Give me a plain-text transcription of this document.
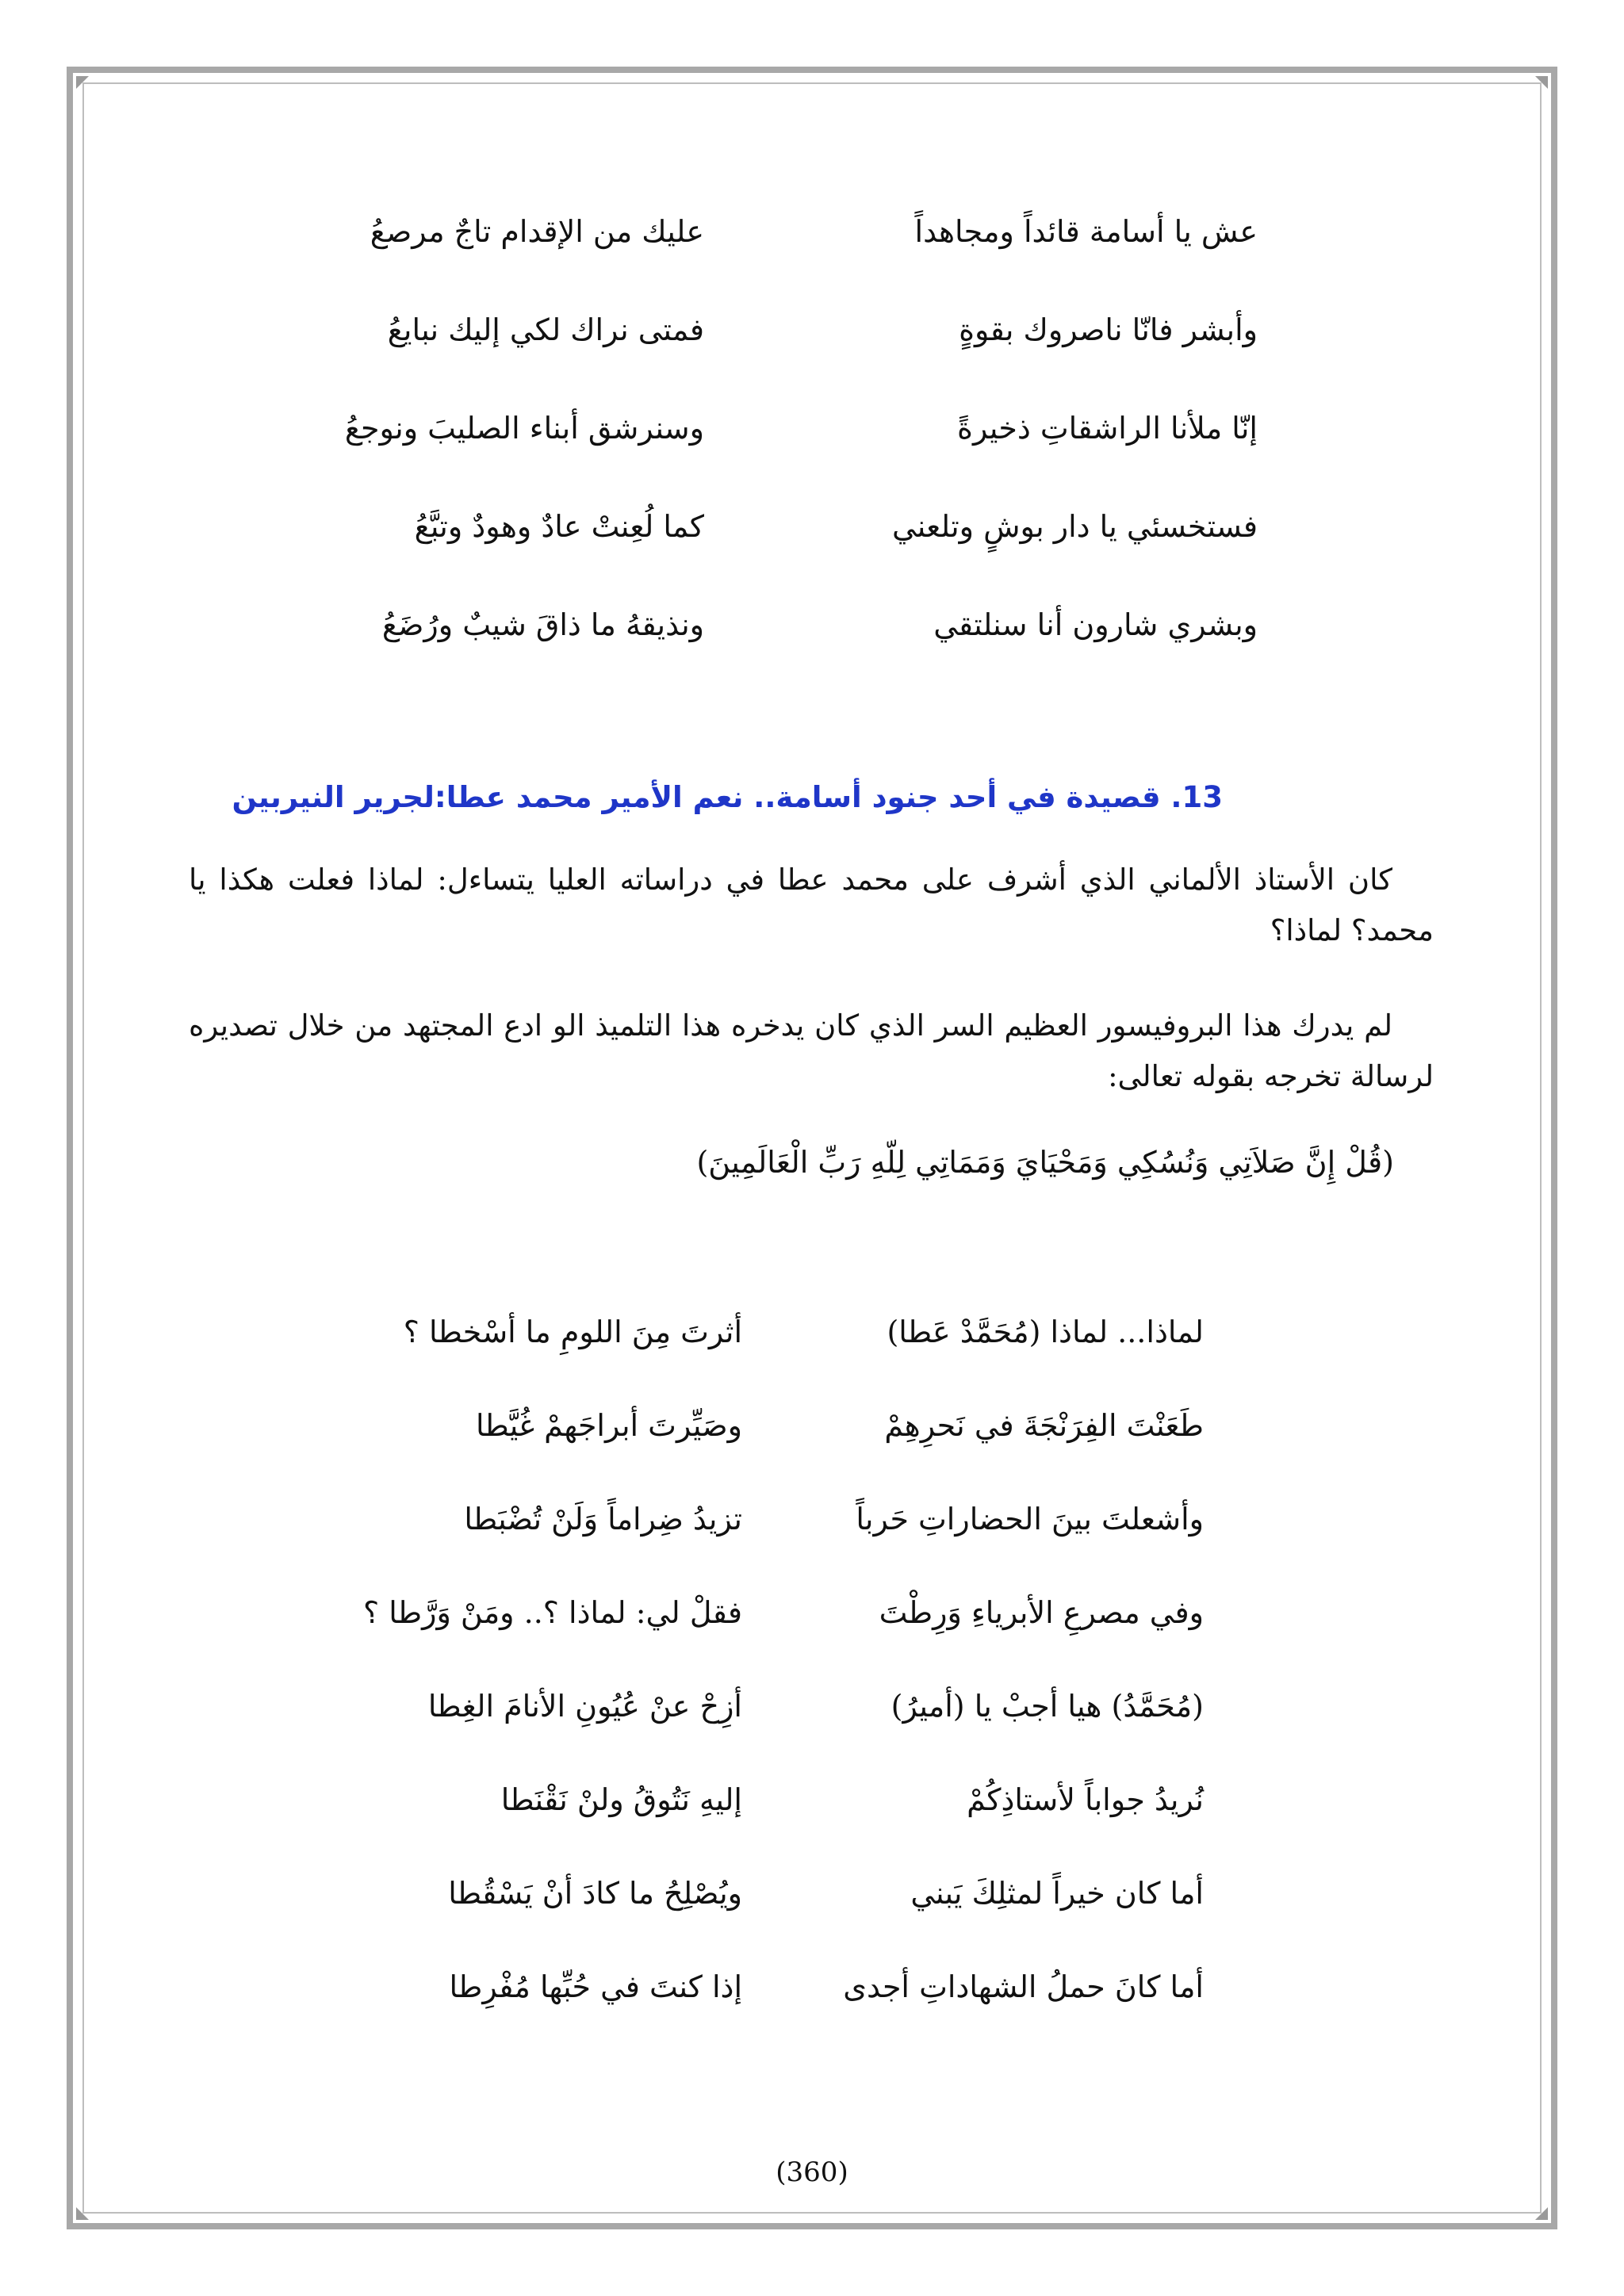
عش يا أسامة قائداً ومجاهداً
عليك من الإقدام تاجٌ مرصعُ
وأبشر فانّا ناصروك بقوةٍ
فمتى نراك لكي إليك نبايعُ
إنّا ملأنا الراشقاتِ ذخيرةً
وسنرشق أبناء الصليبَ ونوجعُ
فستخسئي يا دار بوشٍ وتلعني
كما لُعِنتْ عادٌ وهودٌ وتبَّعُ
وبشري شارون أنا سنلتقي
ونذيقهُ ما ذاقَ شيبٌ ورُضَعُ
13. قصيدة في أحد جنود أسامة.. نعم الأمير محمد عطا:لجرير النيربين
كان الأستاذ الألماني الذي أشرف على محمد عطا في دراساته العليا يتساءل: لماذا فعلت هكذا يا محمد؟ لماذا؟
لم يدرك هذا البروفيسور العظيم السر الذي كان يدخره هذا التلميذ الو ادع المجتهد من خلال تصديره لرسالة تخرجه بقوله تعالى:
(قُلْ إِنَّ صَلاَتِي وَنُسُكِي وَمَحْيَايَ وَمَمَاتِي لِلّهِ رَبِّ الْعَالَمِينَ)
لماذا... لماذا (مُحَمَّدْ عَطا)
أثرتَ مِنَ اللومِ ما أسْخطا ؟
طَعَنْتَ الفِرَنْجَةَ في نَحرِهِمْ
وصَيِّرتَ أبراجَهمْ غُيَّطا
وأشعلتَ بينَ الحضاراتِ حَرباً
تزيدُ ضِراماً وَلَنْ تُضْبَطا
وفي مصرعِ الأبرياءِ وَرِطْتَ
فقلْ لي: لماذا ؟.. ومَنْ وَرَّطا ؟
(مُحَمَّدُ) هيا أجبْ يا (أميرُ)
أزِحْ عنْ عُيُونِ الأنامَ الغِطا
نُريدُ جواباً لأستاذِكُمْ
إليهِ نَتُوقُ ولنْ نَقْنَطا
أما كان خيراً لمثلِكَ يَبني
ويُصْلِحُ ما كادَ أنْ يَسْقُطا
أما كانَ حملُ الشهاداتِ أجدى
إذا كنتَ في حُبِّها مُفْرِطا
(360)
